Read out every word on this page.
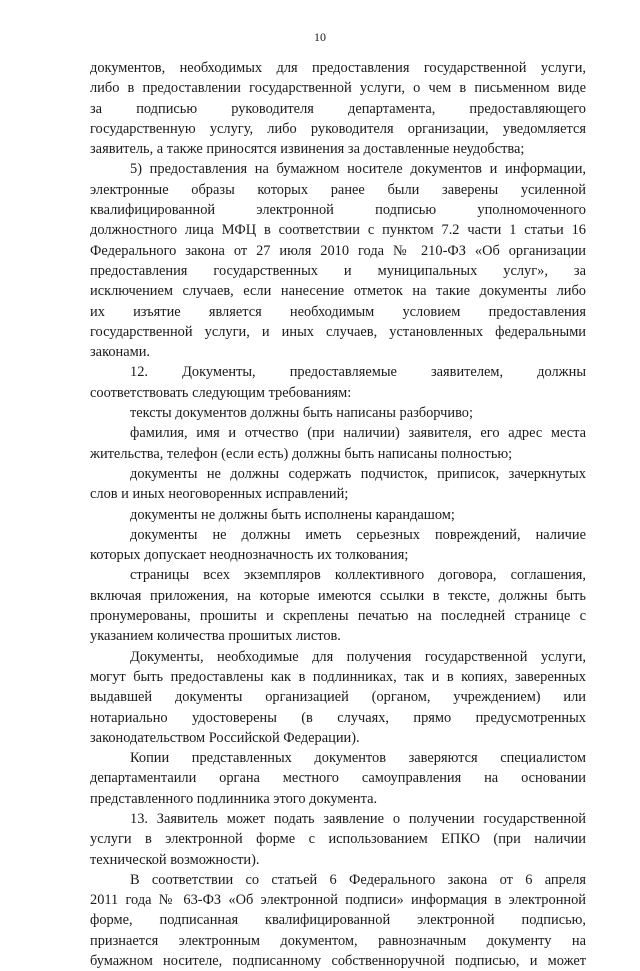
10
документов, необходимых для предоставления государственной услуги,
либо в предоставлении государственной услуги, о чем в письменном виде
за подписью руководителя департамента, предоставляющего
государственную услугу, либо руководителя организации, уведомляется
заявитель, а также приносятся извинения за доставленные неудобства;
5) предоставления на бумажном носителе документов и информации,
электронные образы которых ранее были заверены усиленной
квалифицированной электронной подписью уполномоченного
должностного лица МФЦ в соответствии с пунктом 7.2 части 1 статьи 16
Федерального закона от 27 июля 2010 года № 210-ФЗ «Об организации
предоставления государственных и муниципальных услуг», за
исключением случаев, если нанесение отметок на такие документы либо
их изъятие является необходимым условием предоставления
государственной услуги, и иных случаев, установленных федеральными
законами.
12. Документы, предоставляемые заявителем, должны
соответствовать следующим требованиям:
тексты документов должны быть написаны разборчиво;
фамилия, имя и отчество (при наличии) заявителя, его адрес места
жительства, телефон (если есть) должны быть написаны полностью;
документы не должны содержать подчисток, приписок, зачеркнутых
слов и иных неоговоренных исправлений;
документы не должны быть исполнены карандашом;
документы не должны иметь серьезных повреждений, наличие
которых допускает неоднозначность их толкования;
страницы всех экземпляров коллективного договора, соглашения,
включая приложения, на которые имеются ссылки в тексте, должны быть
пронумерованы, прошиты и скреплены печатью на последней странице с
указанием количества прошитых листов.
Документы, необходимые для получения государственной услуги,
могут быть предоставлены как в подлинниках, так и в копиях, заверенных
выдавшей документы организацией (органом, учреждением) или
нотариально удостоверены (в случаях, прямо предусмотренных
законодательством Российской Федерации).
Копии представленных документов заверяются специалистом
департаментаили органа местного самоуправления на основании
представленного подлинника этого документа.
13. Заявитель может подать заявление о получении государственной
услуги в электронной форме с использованием ЕПКО (при наличии
технической возможности).
В соответствии со статьей 6 Федерального закона от 6 апреля
2011 года № 63-ФЗ «Об электронной подписи» информация в электронной
форме, подписанная квалифицированной электронной подписью,
признается электронным документом, равнозначным документу на
бумажном носителе, подписанному собственноручной подписью, и может
